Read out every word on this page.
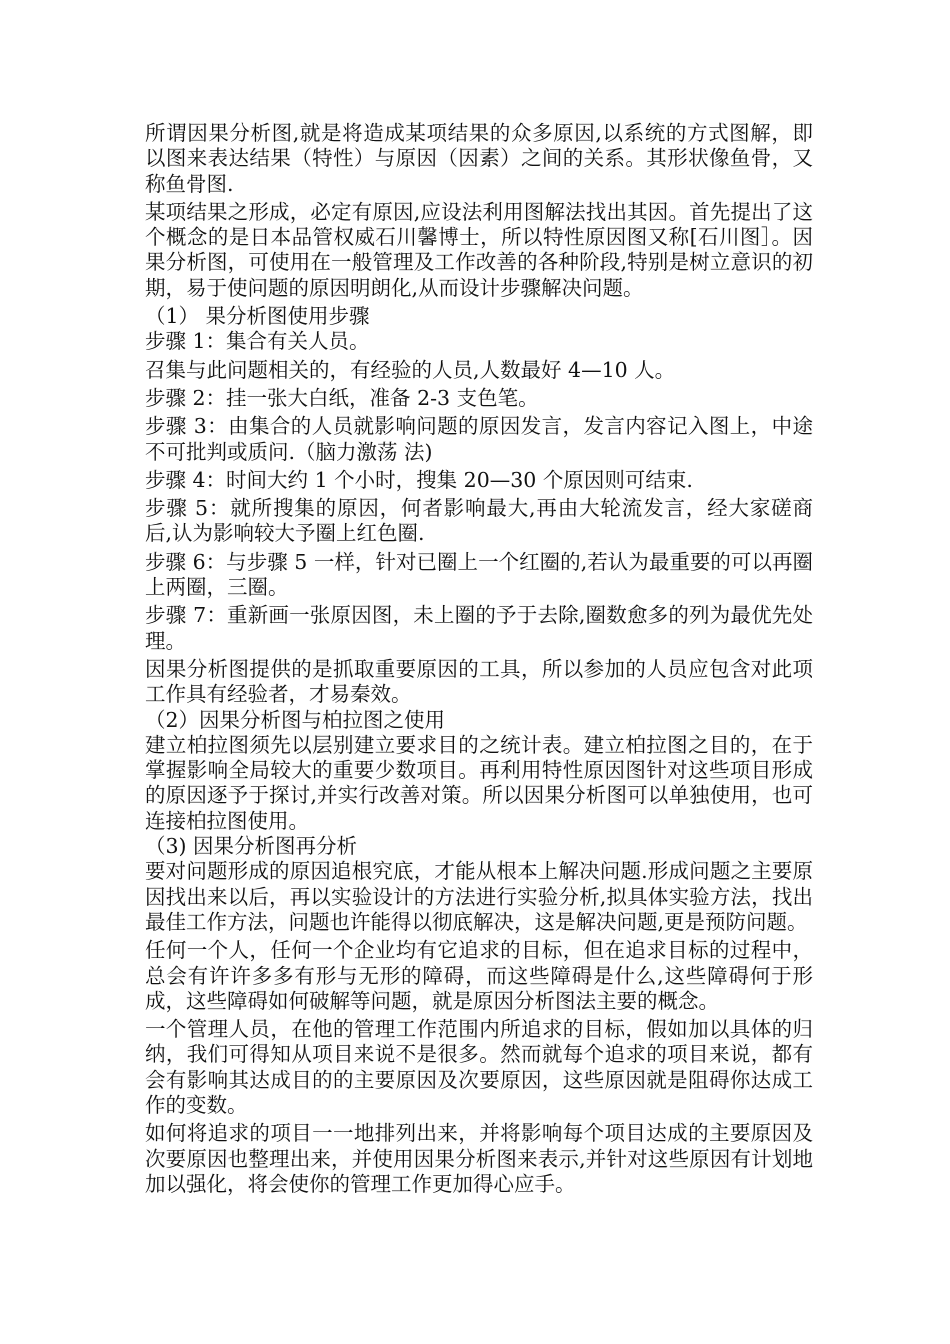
所谓因果分析图,就是将造成某项结果的众多原因,以系统的方式图解，即以图来表达结果（特性）与原因（因素）之间的关系。其形状像鱼骨，又称鱼骨图.

某项结果之形成，必定有原因,应设法利用图解法找出其因。首先提出了这个概念的是日本品管权威石川馨博士，所以特性原因图又称[石川图］。因果分析图，可使用在一般管理及工作改善的各种阶段,特别是树立意识的初期，易于使问题的原因明朗化,从而设计步骤解决问题。

（1） 果分析图使用步骤

步骤 1：集合有关人员。

召集与此问题相关的，有经验的人员,人数最好 4—10 人。

步骤 2：挂一张大白纸，准备 2-3 支色笔。

步骤 3：由集合的人员就影响问题的原因发言，发言内容记入图上，中途不可批判或质问.（脑力激荡 法)

步骤 4：时间大约 1 个小时，搜集 20—30 个原因则可结束.

步骤 5：就所搜集的原因，何者影响最大,再由大轮流发言，经大家磋商后,认为影响较大予圈上红色圈.

步骤 6：与步骤 5 一样，针对已圈上一个红圈的,若认为最重要的可以再圈上两圈，三圈。

步骤 7：重新画一张原因图，未上圈的予于去除,圈数愈多的列为最优先处理。

因果分析图提供的是抓取重要原因的工具，所以参加的人员应包含对此项工作具有经验者，才易秦效。

（2）因果分析图与柏拉图之使用

建立柏拉图须先以层别建立要求目的之统计表。建立柏拉图之目的，在于掌握影响全局较大的重要少数项目。再利用特性原因图针对这些项目形成的原因逐予于探讨,并实行改善对策。所以因果分析图可以单独使用，也可连接柏拉图使用。

（3) 因果分析图再分析

要对问题形成的原因追根究底，才能从根本上解决问题.形成问题之主要原因找出来以后，再以实验设计的方法进行实验分析,拟具体实验方法，找出最佳工作方法，问题也许能得以彻底解决，这是解决问题,更是预防问题。

任何一个人，任何一个企业均有它追求的目标，但在追求目标的过程中，总会有许许多多有形与无形的障碍，而这些障碍是什么,这些障碍何于形成，这些障碍如何破解等问题，就是原因分析图法主要的概念。

一个管理人员，在他的管理工作范围内所追求的目标，假如加以具体的归纳，我们可得知从项目来说不是很多。然而就每个追求的项目来说，都有会有影响其达成目的的主要原因及次要原因，这些原因就是阻碍你达成工作的变数。

如何将追求的项目一一地排列出来，并将影响每个项目达成的主要原因及次要原因也整理出来，并使用因果分析图来表示,并针对这些原因有计划地加以强化，将会使你的管理工作更加得心应手。
